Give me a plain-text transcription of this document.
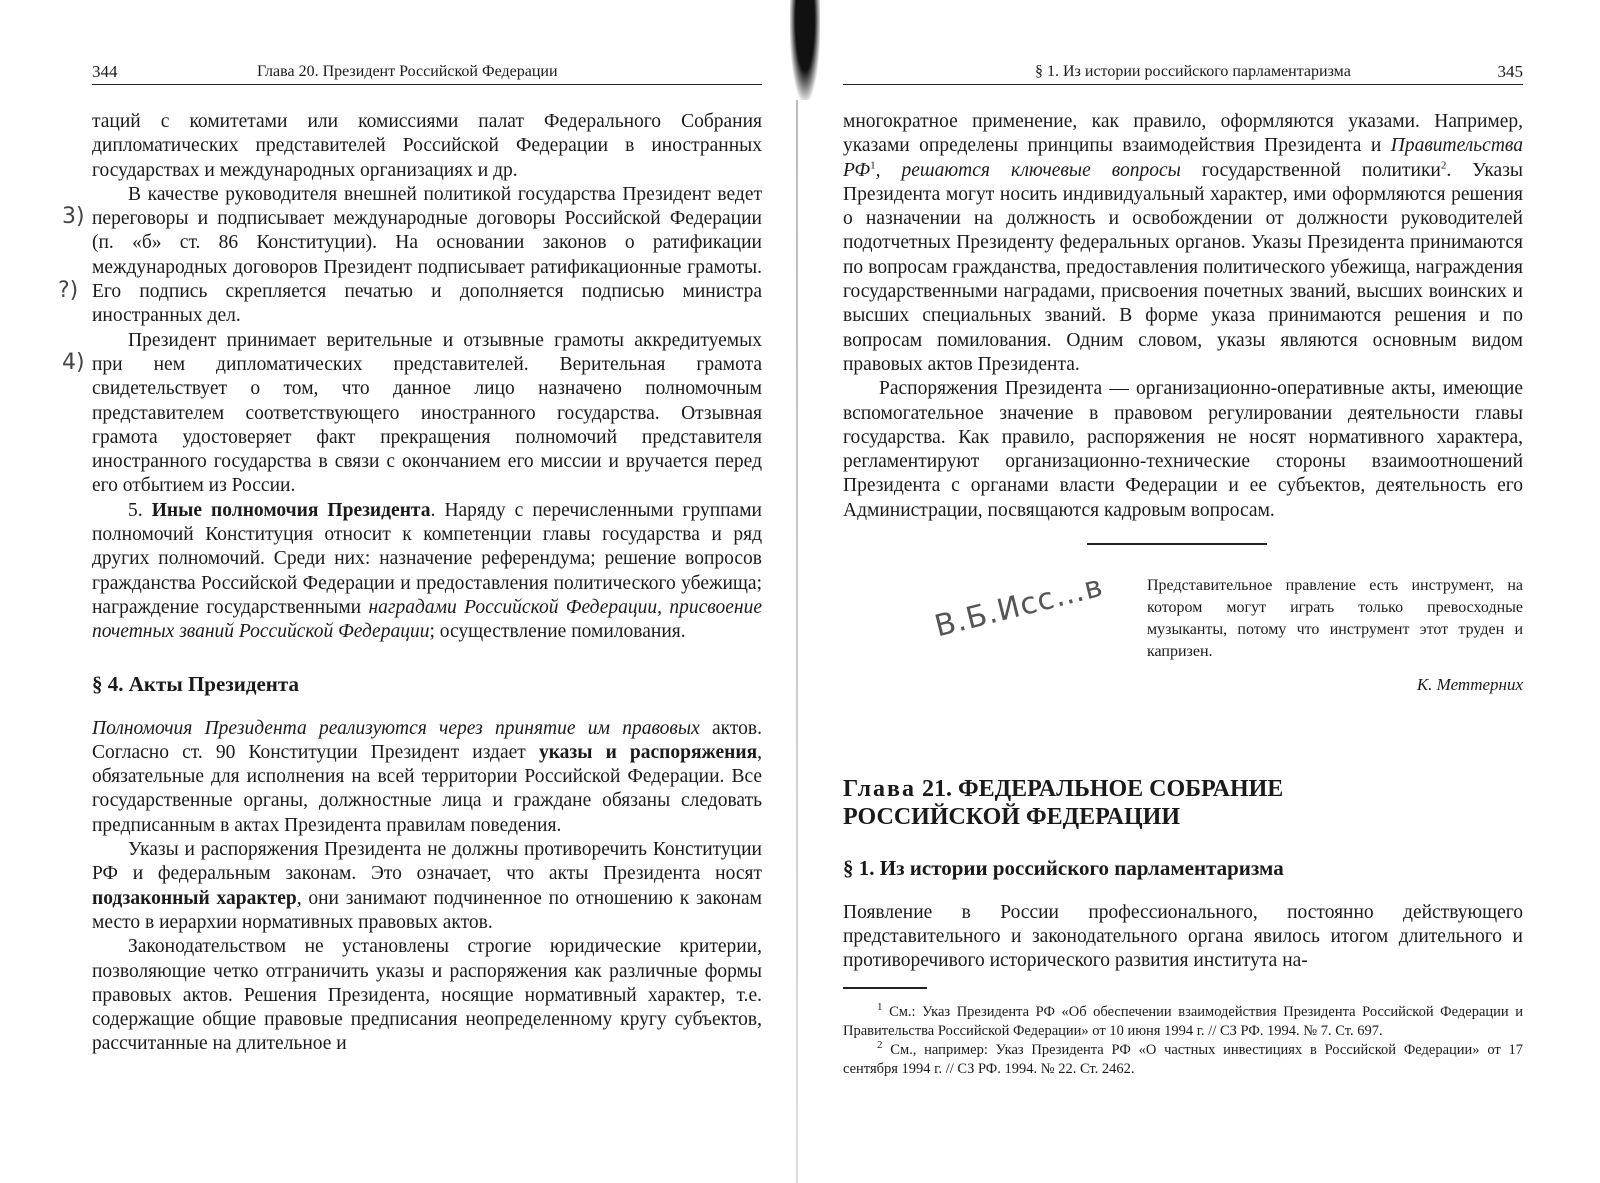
344	Глава 20. Президент Российской Федерации
3)
?)
4)

таций с комитетами или комиссиями палат Федерального Собрания дипломатических представителей Российской Федерации в иностранных государствах и международных организациях и др.

В качестве руководителя внешней политикой государства Президент ведет переговоры и подписывает международные договоры Российской Федерации (п. «б» ст. 86 Конституции). На основании законов о ратификации международных договоров Президент подписывает ратификационные грамоты. Его подпись скрепляется печатью и дополняется подписью министра иностранных дел.

Президент принимает верительные и отзывные грамоты аккредитуемых при нем дипломатических представителей. Верительная грамота свидетельствует о том, что данное лицо назначено полномочным представителем соответствующего иностранного государства. Отзывная грамота удостоверяет факт прекращения полномочий представителя иностранного государства в связи с окончанием его миссии и вручается перед его отбытием из России.

5. Иные полномочия Президента. Наряду с перечисленными группами полномочий Конституция относит к компетенции главы государства и ряд других полномочий. Среди них: назначение референдума; решение вопросов гражданства Российской Федерации и предоставления политического убежища; награждение государственными наградами Российской Федерации, присвоение почетных званий Российской Федерации; осуществление помилования.

§ 4. Акты Президента

Полномочия Президента реализуются через принятие им правовых актов. Согласно ст. 90 Конституции Президент издает указы и распоряжения, обязательные для исполнения на всей территории Российской Федерации. Все государственные органы, должностные лица и граждане обязаны следовать предписанным в актах Президента правилам поведения.

Указы и распоряжения Президента не должны противоречить Конституции РФ и федеральным законам. Это означает, что акты Президента носят подзаконный характер, они занимают подчиненное по отношению к законам место в иерархии нормативных правовых актов.

Законодательством не установлены строгие юридические критерии, позволяющие четко отграничить указы и распоряжения как различные формы правовых актов. Решения Президента, носящие нормативный характер, т.е. содержащие общие правовые предписания неопределенному кругу субъектов, рассчитанные на длительное и

§ 1. Из истории российского парламентаризма	345

многократное применение, как правило, оформляются указами. Например, указами определены принципы взаимодействия Президента и Правительства $РФ^1$, решаются ключевые вопросы государственной политики$^2$. Указы Президента могут носить индивидуальный характер, ими оформляются решения о назначении на должность и освобождении от должности руководителей подотчетных Президенту федеральных органов. Указы Президента принимаются по вопросам гражданства, предоставления политического убежища, награждения государственными наградами, присвоения почетных званий, высших воинских и высших специальных званий. В форме указа принимаются решения и по вопросам помилования. Одним словом, указы являются основным видом правовых актов Президента.

Распоряжения Президента — организационно-оперативные акты, имеющие вспомогательное значение в правовом регулировании деятельности главы государства. Как правило, распоряжения не носят нормативного характера, регламентируют организационно-технические стороны взаимоотношений Президента с органами власти Федерации и ее субъектов, деятельность его Администрации, посвящаются кадровым вопросам.

В.Б.Исс…в	Представительное правление есть инструмент, на котором могут играть только превосходные музыканты, потому что инструмент этот труден и капризен.
К. Меттерних
Глава 21. ФЕДЕРАЛЬНОЕ СОБРАНИЕ
РОССИЙСКОЙ ФЕДЕРАЦИИ
§ 1. Из истории российского парламентаризма

Появление в России профессионального, постоянно действующего представительного и законодательного органа явилось итогом длительного и противоречивого исторического развития института на-

$^1$ См.: Указ Президента РФ «Об обеспечении взаимодействия Президента Российской Федерации и Правительства Российской Федерации» от 10 июня 1994 г. // СЗ РФ. 1994. № 7. Ст. 697.

$^2$ См., например: Указ Президента РФ «О частных инвестициях в Российской Федерации» от 17 сентября 1994 г. // СЗ РФ. 1994. № 22. Ст. 2462.
